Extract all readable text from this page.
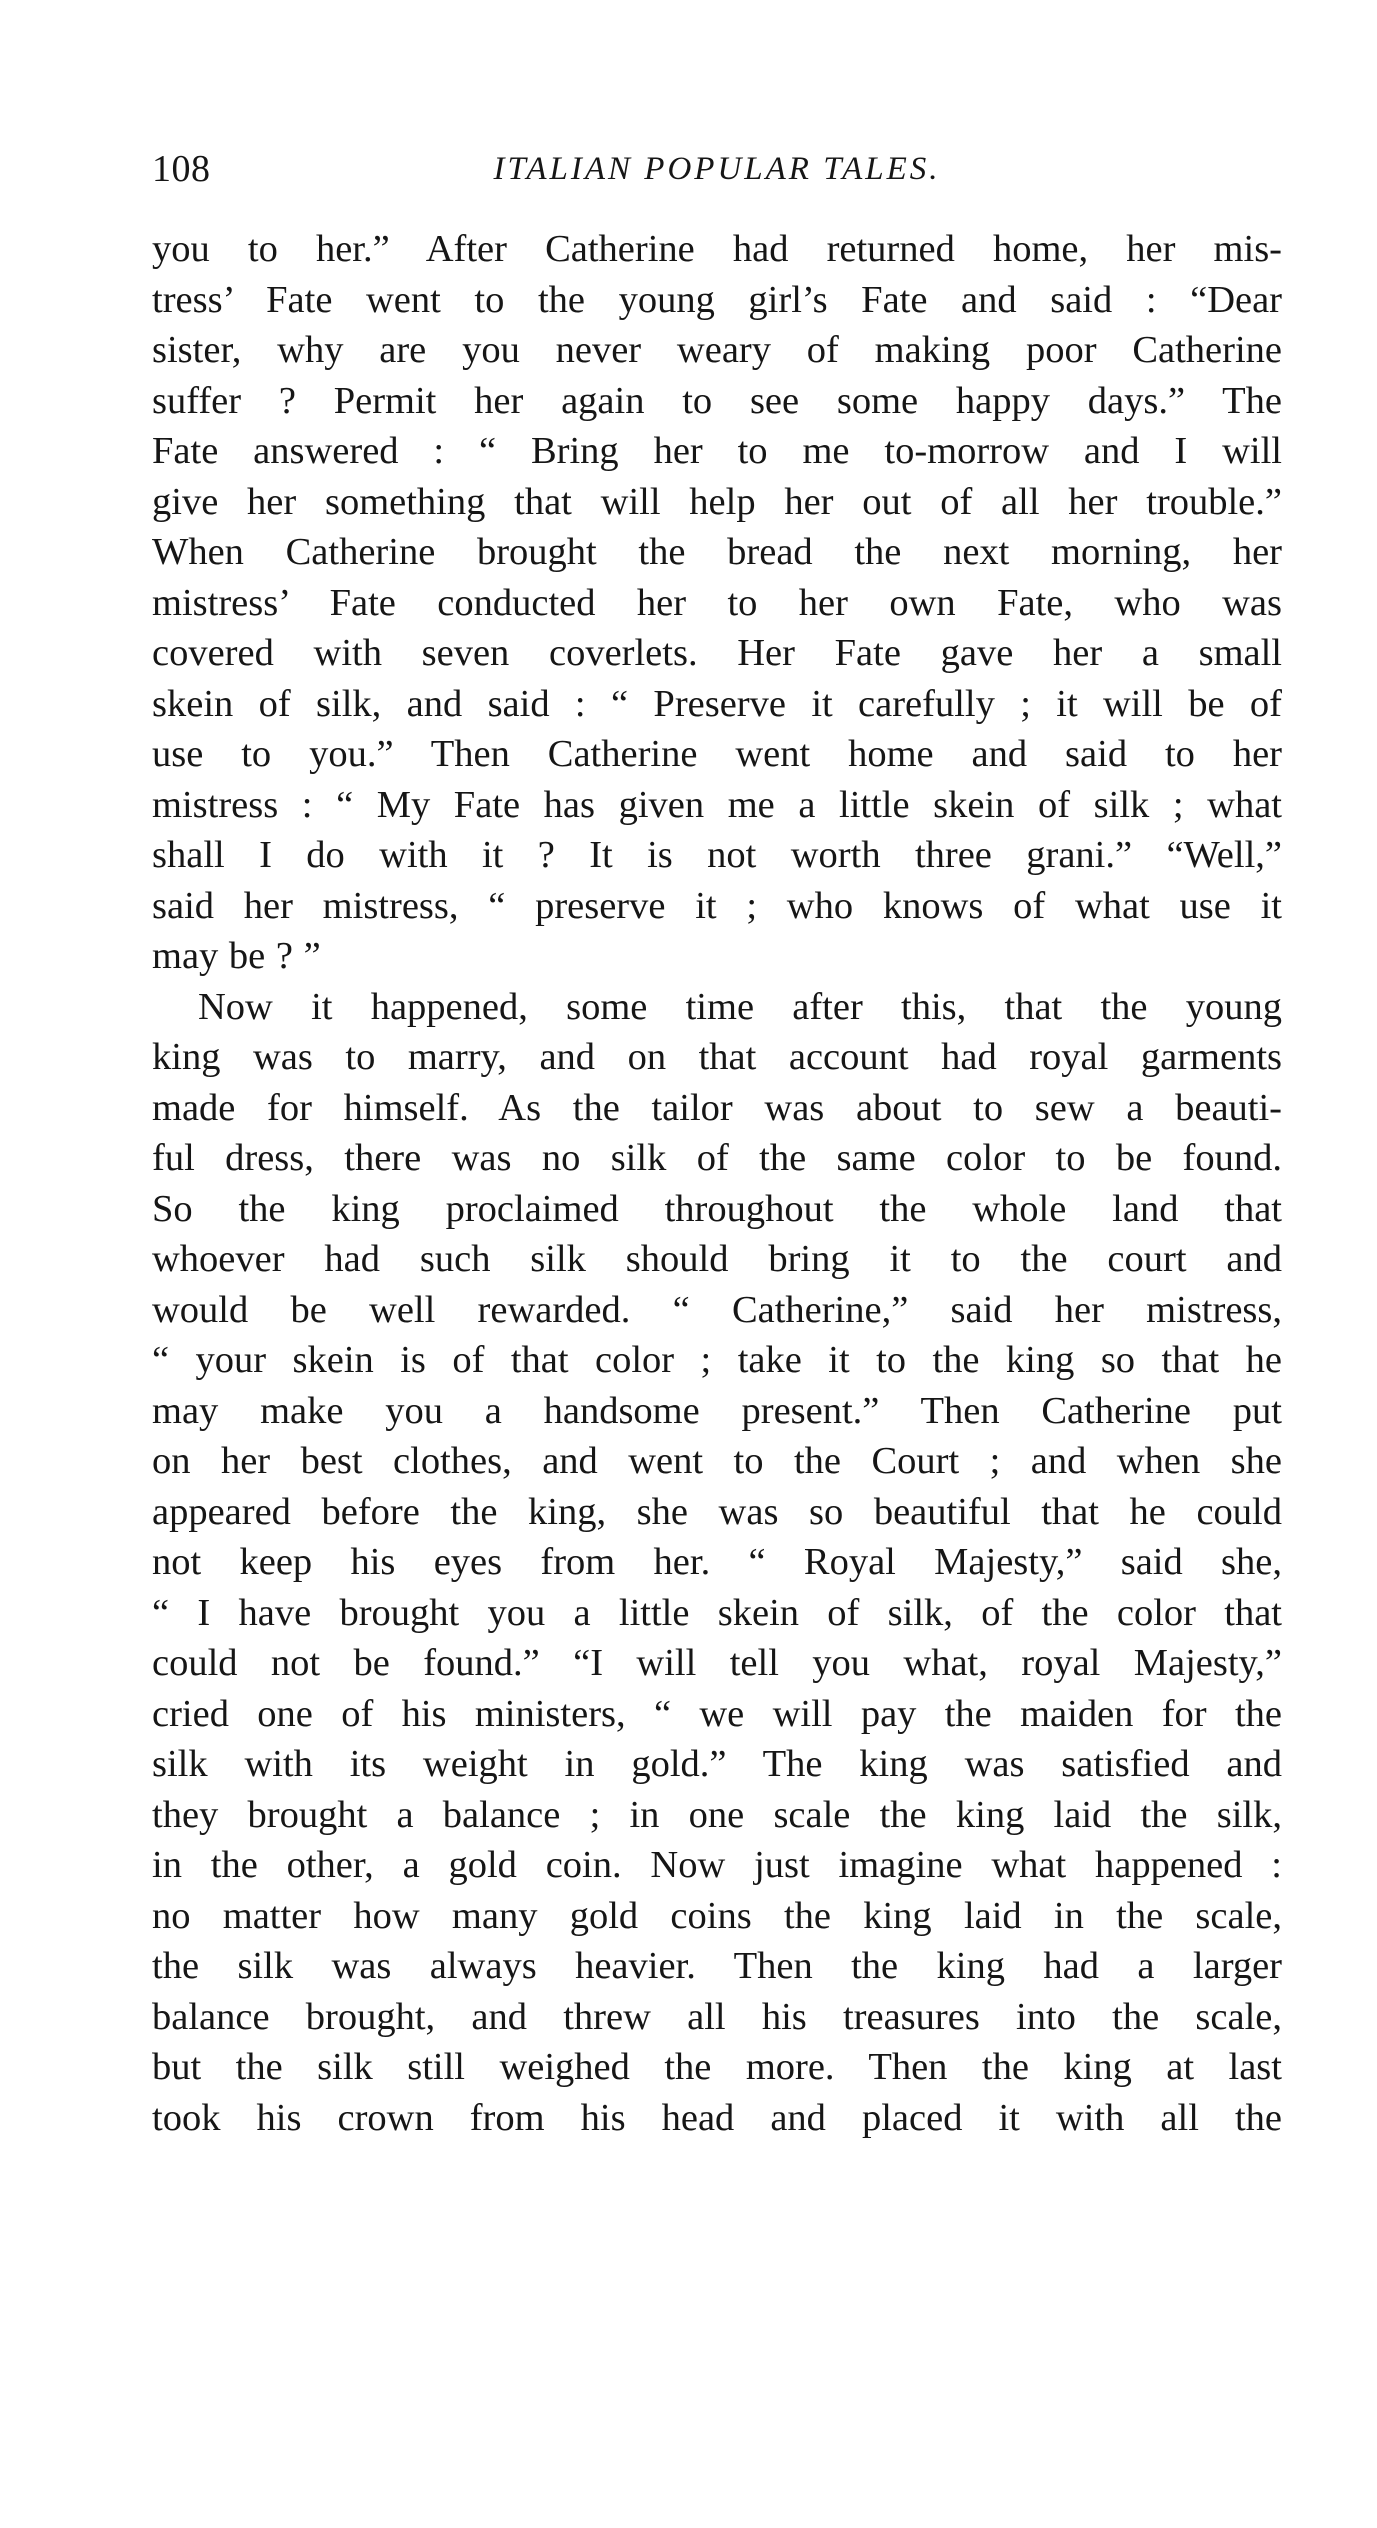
108	ITALIAN POPULAR TALES.
you to her.” After Catherine had returned home, her mis-
tress’ Fate went to the young girl’s Fate and said : “Dear
sister, why are you never weary of making poor Catherine
suffer ? Permit her again to see some happy days.” The
Fate answered : “ Bring her to me to-morrow and I will
give her something that will help her out of all her trouble.”
When Catherine brought the bread the next morning, her
mistress’ Fate conducted her to her own Fate, who was
covered with seven coverlets. Her Fate gave her a small
skein of silk, and said : “ Preserve it carefully ; it will be of
use to you.” Then Catherine went home and said to her
mistress : “ My Fate has given me a little skein of silk ; what
shall I do with it ? It is not worth three grani.” “Well,”
said her mistress, “ preserve it ; who knows of what use it
may be ? ”
Now it happened, some time after this, that the young
king was to marry, and on that account had royal garments
made for himself. As the tailor was about to sew a beauti-
ful dress, there was no silk of the same color to be found.
So the king proclaimed throughout the whole land that
whoever had such silk should bring it to the court and
would be well rewarded. “ Catherine,” said her mistress,
“ your skein is of that color ; take it to the king so that he
may make you a handsome present.” Then Catherine put
on her best clothes, and went to the Court ; and when she
appeared before the king, she was so beautiful that he could
not keep his eyes from her. “ Royal Majesty,” said she,
“ I have brought you a little skein of silk, of the color that
could not be found.” “I will tell you what, royal Majesty,”
cried one of his ministers, “ we will pay the maiden for the
silk with its weight in gold.” The king was satisfied and
they brought a balance ; in one scale the king laid the silk,
in the other, a gold coin. Now just imagine what happened :
no matter how many gold coins the king laid in the scale,
the silk was always heavier. Then the king had a larger
balance brought, and threw all his treasures into the scale,
but the silk still weighed the more. Then the king at last
took his crown from his head and placed it with all the
